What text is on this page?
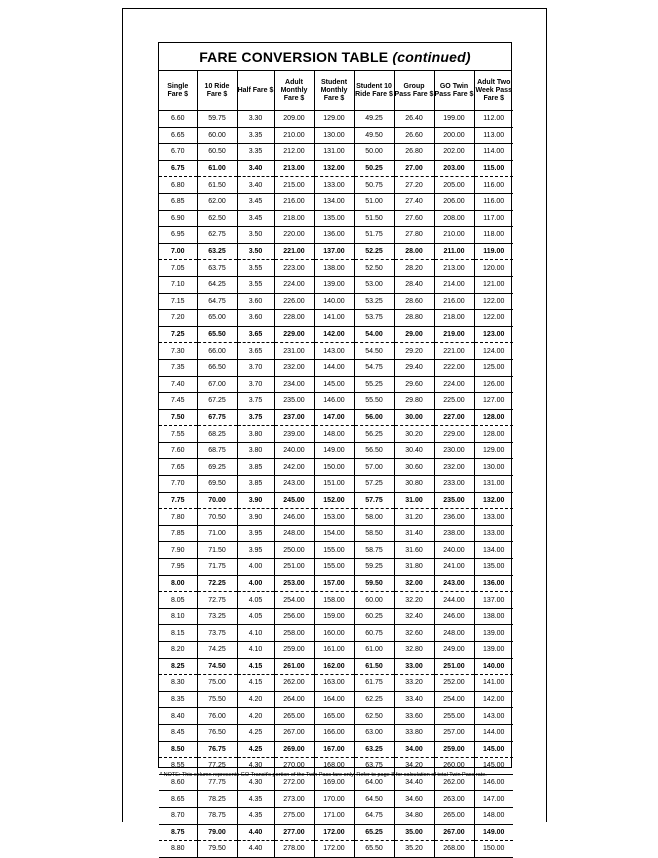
FARE CONVERSION TABLE (continued)
Single Fare $	10 Ride Fare $	Half Fare $	Adult Monthly Fare $	Student Monthly Fare $	Student 10 Ride Fare $	Group Pass Fare $	GO Twin Pass Fare $	Adult Two Week Pass Fare $
6.60	59.75	3.30	209.00	129.00	49.25	26.40	199.00	112.00
6.65	60.00	3.35	210.00	130.00	49.50	26.60	200.00	113.00
6.70	60.50	3.35	212.00	131.00	50.00	26.80	202.00	114.00
6.75	61.00	3.40	213.00	132.00	50.25	27.00	203.00	115.00
6.80	61.50	3.40	215.00	133.00	50.75	27.20	205.00	116.00
6.85	62.00	3.45	216.00	134.00	51.00	27.40	206.00	116.00
6.90	62.50	3.45	218.00	135.00	51.50	27.60	208.00	117.00
6.95	62.75	3.50	220.00	136.00	51.75	27.80	210.00	118.00
7.00	63.25	3.50	221.00	137.00	52.25	28.00	211.00	119.00
7.05	63.75	3.55	223.00	138.00	52.50	28.20	213.00	120.00
7.10	64.25	3.55	224.00	139.00	53.00	28.40	214.00	121.00
7.15	64.75	3.60	226.00	140.00	53.25	28.60	216.00	122.00
7.20	65.00	3.60	228.00	141.00	53.75	28.80	218.00	122.00
7.25	65.50	3.65	229.00	142.00	54.00	29.00	219.00	123.00
7.30	66.00	3.65	231.00	143.00	54.50	29.20	221.00	124.00
7.35	66.50	3.70	232.00	144.00	54.75	29.40	222.00	125.00
7.40	67.00	3.70	234.00	145.00	55.25	29.60	224.00	126.00
7.45	67.25	3.75	235.00	146.00	55.50	29.80	225.00	127.00
7.50	67.75	3.75	237.00	147.00	56.00	30.00	227.00	128.00
7.55	68.25	3.80	239.00	148.00	56.25	30.20	229.00	128.00
7.60	68.75	3.80	240.00	149.00	56.50	30.40	230.00	129.00
7.65	69.25	3.85	242.00	150.00	57.00	30.60	232.00	130.00
7.70	69.50	3.85	243.00	151.00	57.25	30.80	233.00	131.00
7.75	70.00	3.90	245.00	152.00	57.75	31.00	235.00	132.00
7.80	70.50	3.90	246.00	153.00	58.00	31.20	236.00	133.00
7.85	71.00	3.95	248.00	154.00	58.50	31.40	238.00	133.00
7.90	71.50	3.95	250.00	155.00	58.75	31.60	240.00	134.00
7.95	71.75	4.00	251.00	155.00	59.25	31.80	241.00	135.00
8.00	72.25	4.00	253.00	157.00	59.50	32.00	243.00	136.00
8.05	72.75	4.05	254.00	158.00	60.00	32.20	244.00	137.00
8.10	73.25	4.05	256.00	159.00	60.25	32.40	246.00	138.00
8.15	73.75	4.10	258.00	160.00	60.75	32.60	248.00	139.00
8.20	74.25	4.10	259.00	161.00	61.00	32.80	249.00	139.00
8.25	74.50	4.15	261.00	162.00	61.50	33.00	251.00	140.00
8.30	75.00	4.15	262.00	163.00	61.75	33.20	252.00	141.00
8.35	75.50	4.20	264.00	164.00	62.25	33.40	254.00	142.00
8.40	76.00	4.20	265.00	165.00	62.50	33.60	255.00	143.00
8.45	76.50	4.25	267.00	166.00	63.00	33.80	257.00	144.00
8.50	76.75	4.25	269.00	167.00	63.25	34.00	259.00	145.00
8.55	77.25	4.30	270.00	168.00	63.75	34.20	260.00	145.00
8.60	77.75	4.30	272.00	169.00	64.00	34.40	262.00	146.00
8.65	78.25	4.35	273.00	170.00	64.50	34.60	263.00	147.00
8.70	78.75	4.35	275.00	171.00	64.75	34.80	265.00	148.00
8.75	79.00	4.40	277.00	172.00	65.25	35.00	267.00	149.00
8.80	79.50	4.40	278.00	172.00	65.50	35.20	268.00	150.00
* NOTE: This column represents GO Transit's portion of the Twin Pass fare only. Refer to page 8 for calculation of total Twin Pass rate.
